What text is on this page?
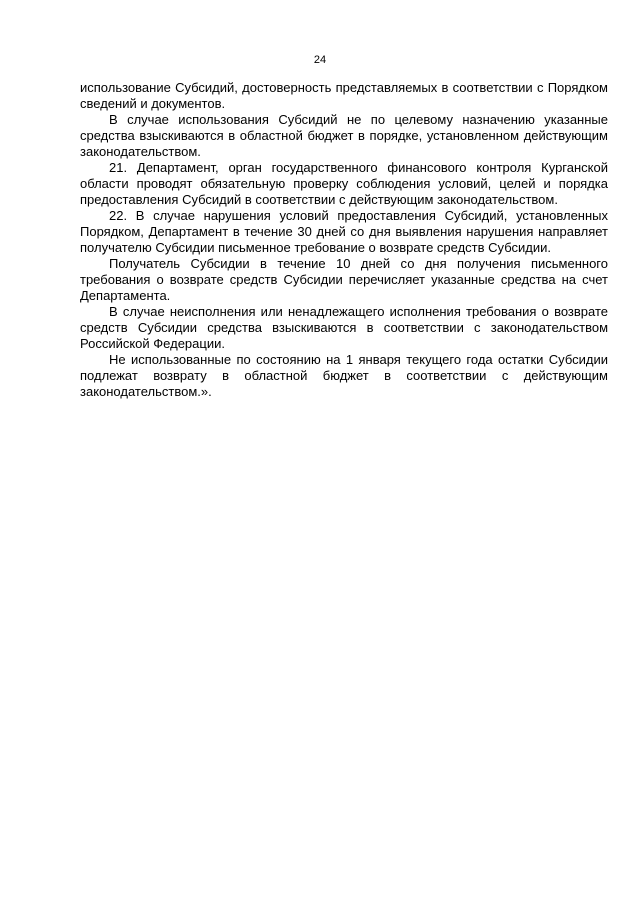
24

использование Субсидий, достоверность представляемых в соответствии с Порядком сведений и документов.

В случае использования Субсидий не по целевому назначению указанные средства взыскиваются в областной бюджет в порядке, установленном действующим законодательством.

21. Департамент, орган государственного финансового контроля Курганской области проводят обязательную проверку соблюдения условий, целей и порядка предоставления Субсидий в соответствии с действующим законодательством.

22. В случае нарушения условий предоставления Субсидий, установленных Порядком, Департамент в течение 30 дней со дня выявления нарушения направляет получателю Субсидии письменное требование о возврате средств Субсидии.

Получатель Субсидии в течение 10 дней со дня получения письменного требования о возврате средств Субсидии перечисляет указанные средства на счет Департамента.

В случае неисполнения или ненадлежащего исполнения требования о возврате средств Субсидии средства взыскиваются в соответствии с законодательством Российской Федерации.

Не использованные по состоянию на 1 января текущего года остатки Субсидии подлежат возврату в областной бюджет в соответствии с действующим законодательством.».
